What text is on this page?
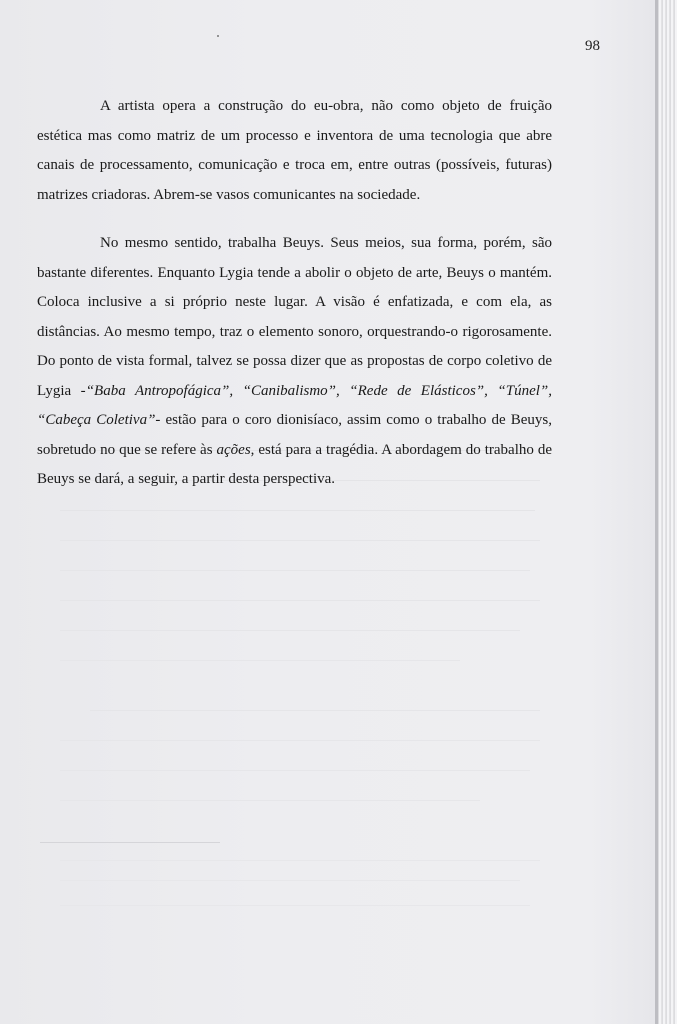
98

A artista opera a construção do eu-obra, não como objeto de fruição estética mas como matriz de um processo e inventora de uma tecnologia que abre canais de processamento, comunicação e troca em, entre outras (possíveis, futuras) matrizes criadoras. Abrem-se vasos comunicantes na sociedade.

No mesmo sentido, trabalha Beuys. Seus meios, sua forma, porém, são bastante diferentes. Enquanto Lygia tende a abolir o objeto de arte, Beuys o mantém. Coloca inclusive a si próprio neste lugar. A visão é enfatizada, e com ela, as distâncias. Ao mesmo tempo, traz o elemento sonoro, orquestrando-o rigorosamente. Do ponto de vista formal, talvez se possa dizer que as propostas de corpo coletivo de Lygia -“Baba Antropofágica”, “Canibalismo”, “Rede de Elásticos”, “Túnel”, “Cabeça Coletiva”- estão para o coro dionisíaco, assim como o trabalho de Beuys, sobretudo no que se refere às ações, está para a tragédia. A abordagem do trabalho de Beuys se dará, a seguir, a partir desta perspectiva.
